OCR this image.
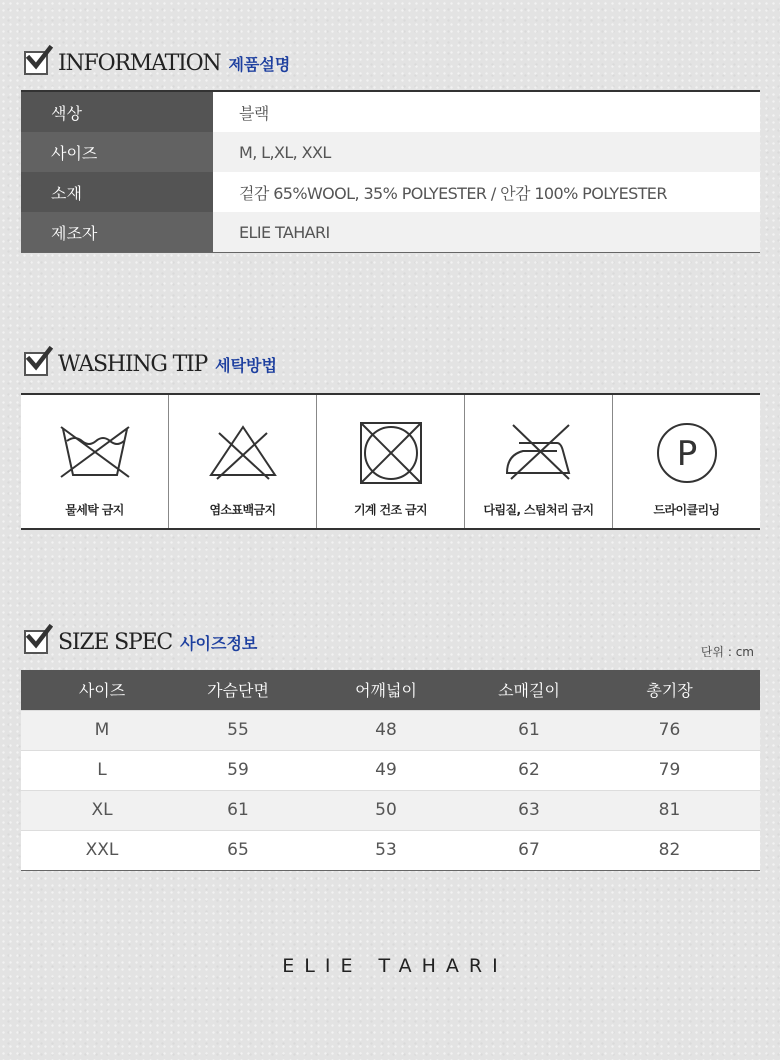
INFORMATION 제품설명
색상	블랙
사이즈	M, L,XL, XXL
소재	겉감 65%WOOL, 35% POLYESTER / 안감 100% POLYESTER
제조자	ELIE TAHARI
WASHING TIP 세탁방법
물세탁 금지	염소표백금지	기계 건조 금지	다림질, 스팀처리 금지
P
드라이클리닝
SIZE SPEC 사이즈정보	단위 : cm
사이즈	가슴단면	어깨넓이	소매길이	총기장
M	55	48	61	76
L	59	49	62	79
XL	61	50	63	81
XXL	65	53	67	82
ELIE TAHARI
